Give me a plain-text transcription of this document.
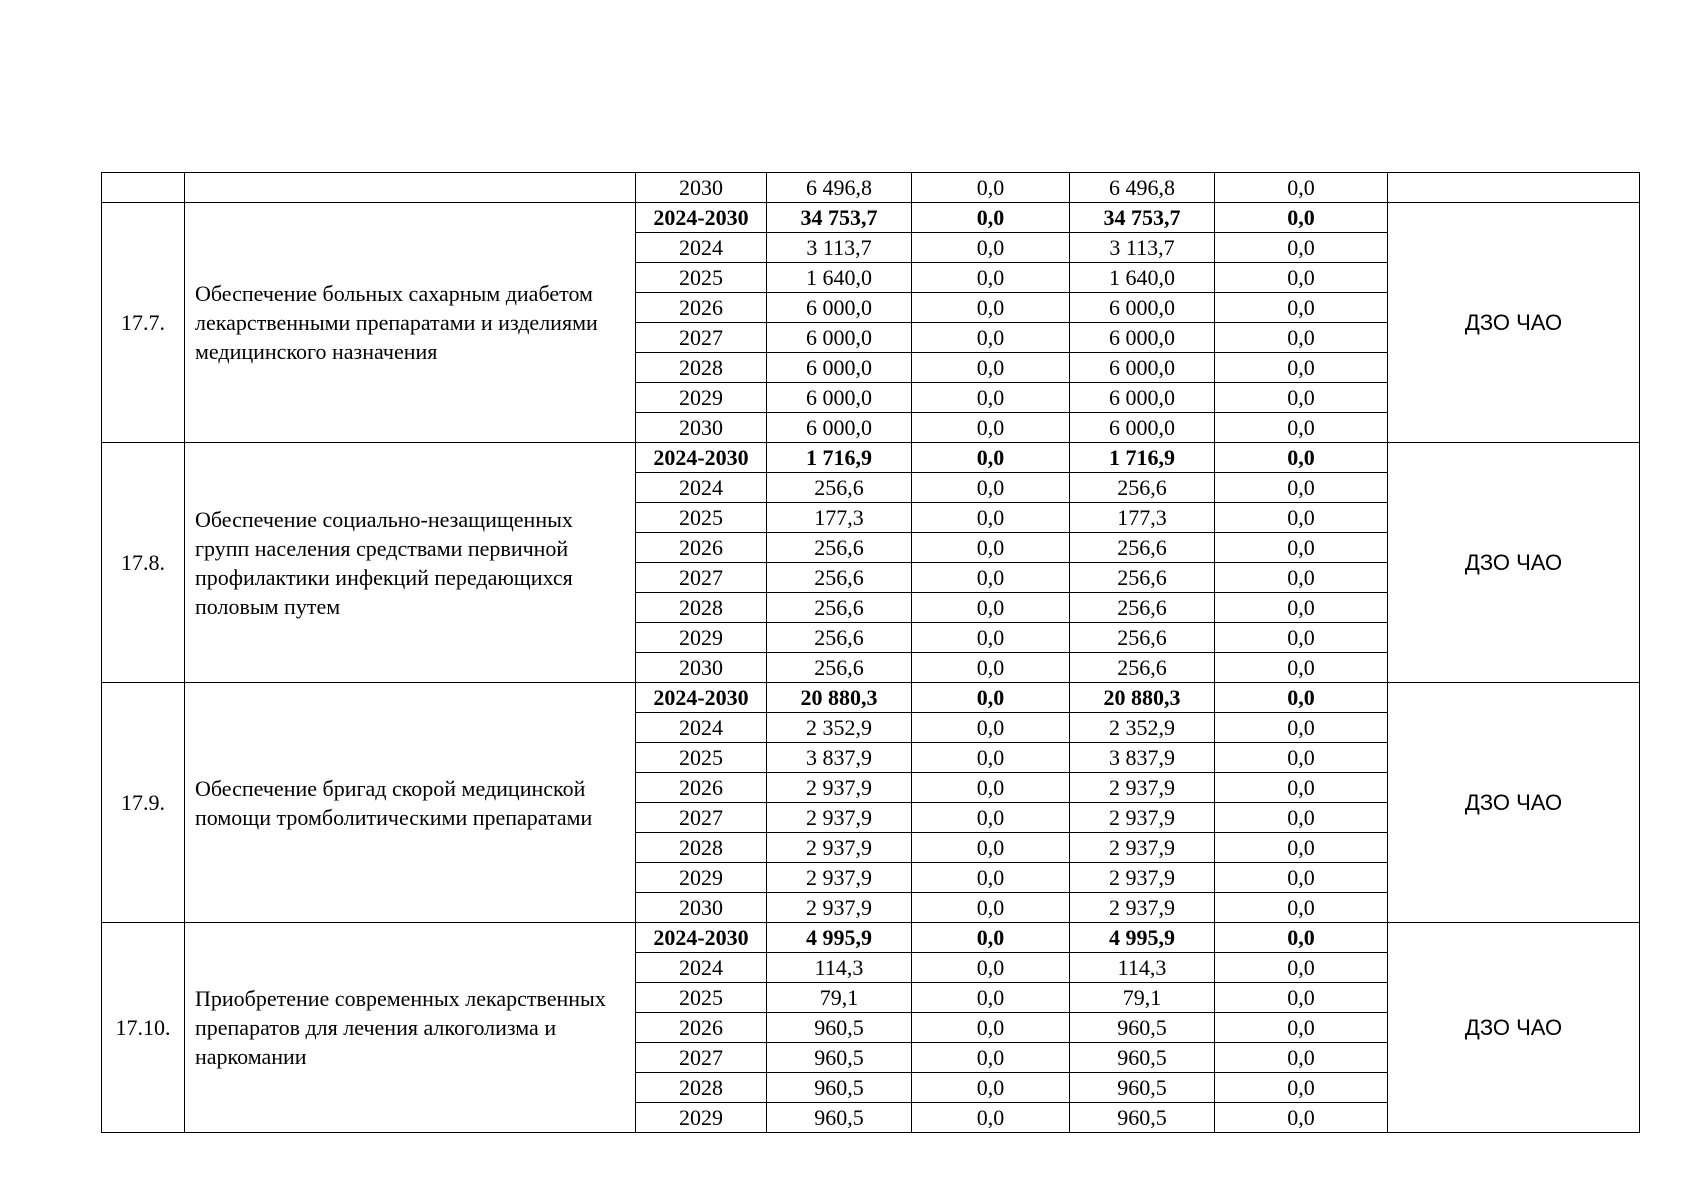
		2030	6 496,8	0,0	6 496,8	0,0	
17.7.	Обеспечение больных сахарным диабетом лекарственными препаратами и изделиями медицинского назначения	2024-2030	34 753,7	0,0	34 753,7	0,0	ДЗО ЧАО
		2024	3 113,7	0,0	3 113,7	0,0	
		2025	1 640,0	0,0	1 640,0	0,0	
		2026	6 000,0	0,0	6 000,0	0,0	
		2027	6 000,0	0,0	6 000,0	0,0	
		2028	6 000,0	0,0	6 000,0	0,0	
		2029	6 000,0	0,0	6 000,0	0,0	
		2030	6 000,0	0,0	6 000,0	0,0	
17.8.	Обеспечение социально-незащищенных групп населения средствами первичной профилактики инфекций передающихся половым путем	2024-2030	1 716,9	0,0	1 716,9	0,0	ДЗО ЧАО
		2024	256,6	0,0	256,6	0,0	
		2025	177,3	0,0	177,3	0,0	
		2026	256,6	0,0	256,6	0,0	
		2027	256,6	0,0	256,6	0,0	
		2028	256,6	0,0	256,6	0,0	
		2029	256,6	0,0	256,6	0,0	
		2030	256,6	0,0	256,6	0,0	
17.9.	Обеспечение бригад скорой медицинской помощи тромболитическими препаратами	2024-2030	20 880,3	0,0	20 880,3	0,0	ДЗО ЧАО
		2024	2 352,9	0,0	2 352,9	0,0	
		2025	3 837,9	0,0	3 837,9	0,0	
		2026	2 937,9	0,0	2 937,9	0,0	
		2027	2 937,9	0,0	2 937,9	0,0	
		2028	2 937,9	0,0	2 937,9	0,0	
		2029	2 937,9	0,0	2 937,9	0,0	
		2030	2 937,9	0,0	2 937,9	0,0	
17.10.	Приобретение современных лекарственных препаратов для лечения алкоголизма и наркомании	2024-2030	4 995,9	0,0	4 995,9	0,0	ДЗО ЧАО
		2024	114,3	0,0	114,3	0,0	
		2025	79,1	0,0	79,1	0,0	
		2026	960,5	0,0	960,5	0,0	
		2027	960,5	0,0	960,5	0,0	
		2028	960,5	0,0	960,5	0,0	
		2029	960,5	0,0	960,5	0,0	
